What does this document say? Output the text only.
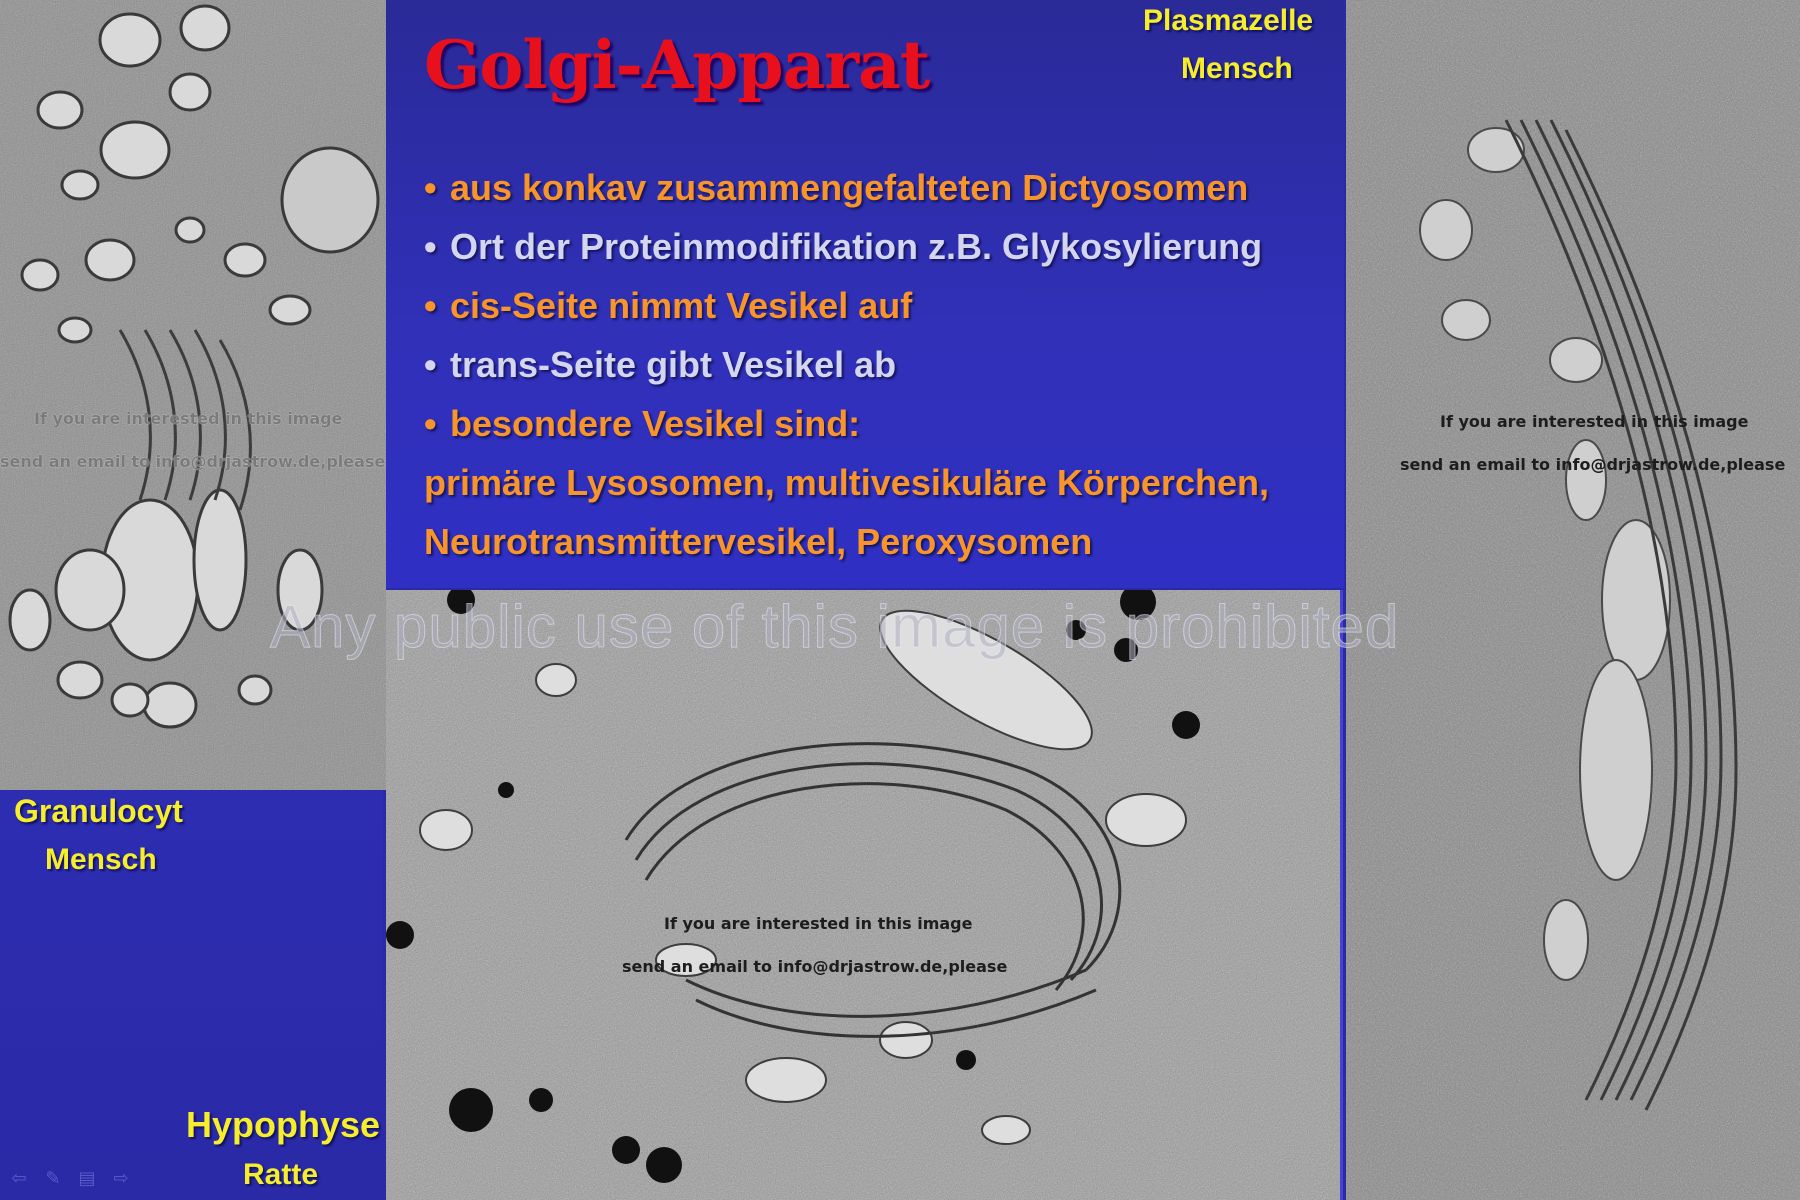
Golgi-Apparat
Plasmazelle
Mensch
• aus konkav zusammengefalteten Dictyosomen
• Ort der Proteinmodifikation z.B. Glykosylierung
• cis-Seite nimmt Vesikel auf
• trans-Seite gibt Vesikel ab
• besondere Vesikel sind:
primäre Lysosomen, multivesikuläre Körperchen,
Neurotransmittervesikel, Peroxysomen
Granulocyt
Mensch
Hypophyse
Ratte
If you are interested in this image
send an email to info@drjastrow.de,please
If you are interested in this image
send an email to info@drjastrow.de,please
If you are interested in this image
send an email to info@drjastrow.de,please
Any public use of this image is prohibited
⇦ ✎ ▤ ⇨
